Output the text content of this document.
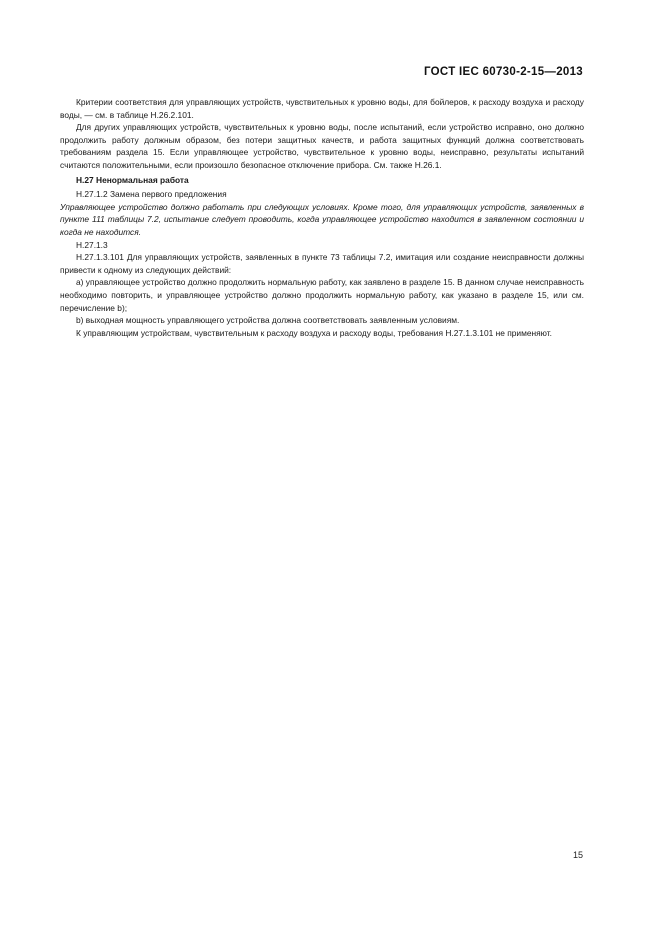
ГОСТ IEC 60730-2-15—2013

Критерии соответствия для управляющих устройств, чувствительных к уровню воды, для бойлеров, к расходу воздуха и расходу воды, — см. в таблице Н.26.2.101.

Для других управляющих устройств, чувствительных к уровню воды, после испытаний, если устройство исправно, оно должно продолжить работу должным образом, без потери защитных качеств, и работа защитных функций должна соответствовать требованиям раздела 15. Если управляющее устройство, чувствительное к уровню воды, неисправно, результаты испытаний считаются положительными, если произошло безопасное отключение прибора. См. также Н.26.1.

Н.27 Ненормальная работа

Н.27.1.2 Замена первого предложения

Управляющее устройство должно работать при следующих условиях. Кроме того, для управляющих устройств, заявленных в пункте 111 таблицы 7.2, испытание следует проводить, когда управляющее устройство находится в заявленном состоянии и когда не находится.

Н.27.1.3

Н.27.1.3.101 Для управляющих устройств, заявленных в пункте 73 таблицы 7.2, имитация или создание неисправности должны привести к одному из следующих действий:

a) управляющее устройство должно продолжить нормальную работу, как заявлено в разделе 15. В данном случае неисправность необходимо повторить, и управляющее устройство должно продолжить нормальную работу, как указано в разделе 15, или см. перечисление b);

b) выходная мощность управляющего устройства должна соответствовать заявленным условиям.

К управляющим устройствам, чувствительным к расходу воздуха и расходу воды, требования Н.27.1.3.101 не применяют.

15
